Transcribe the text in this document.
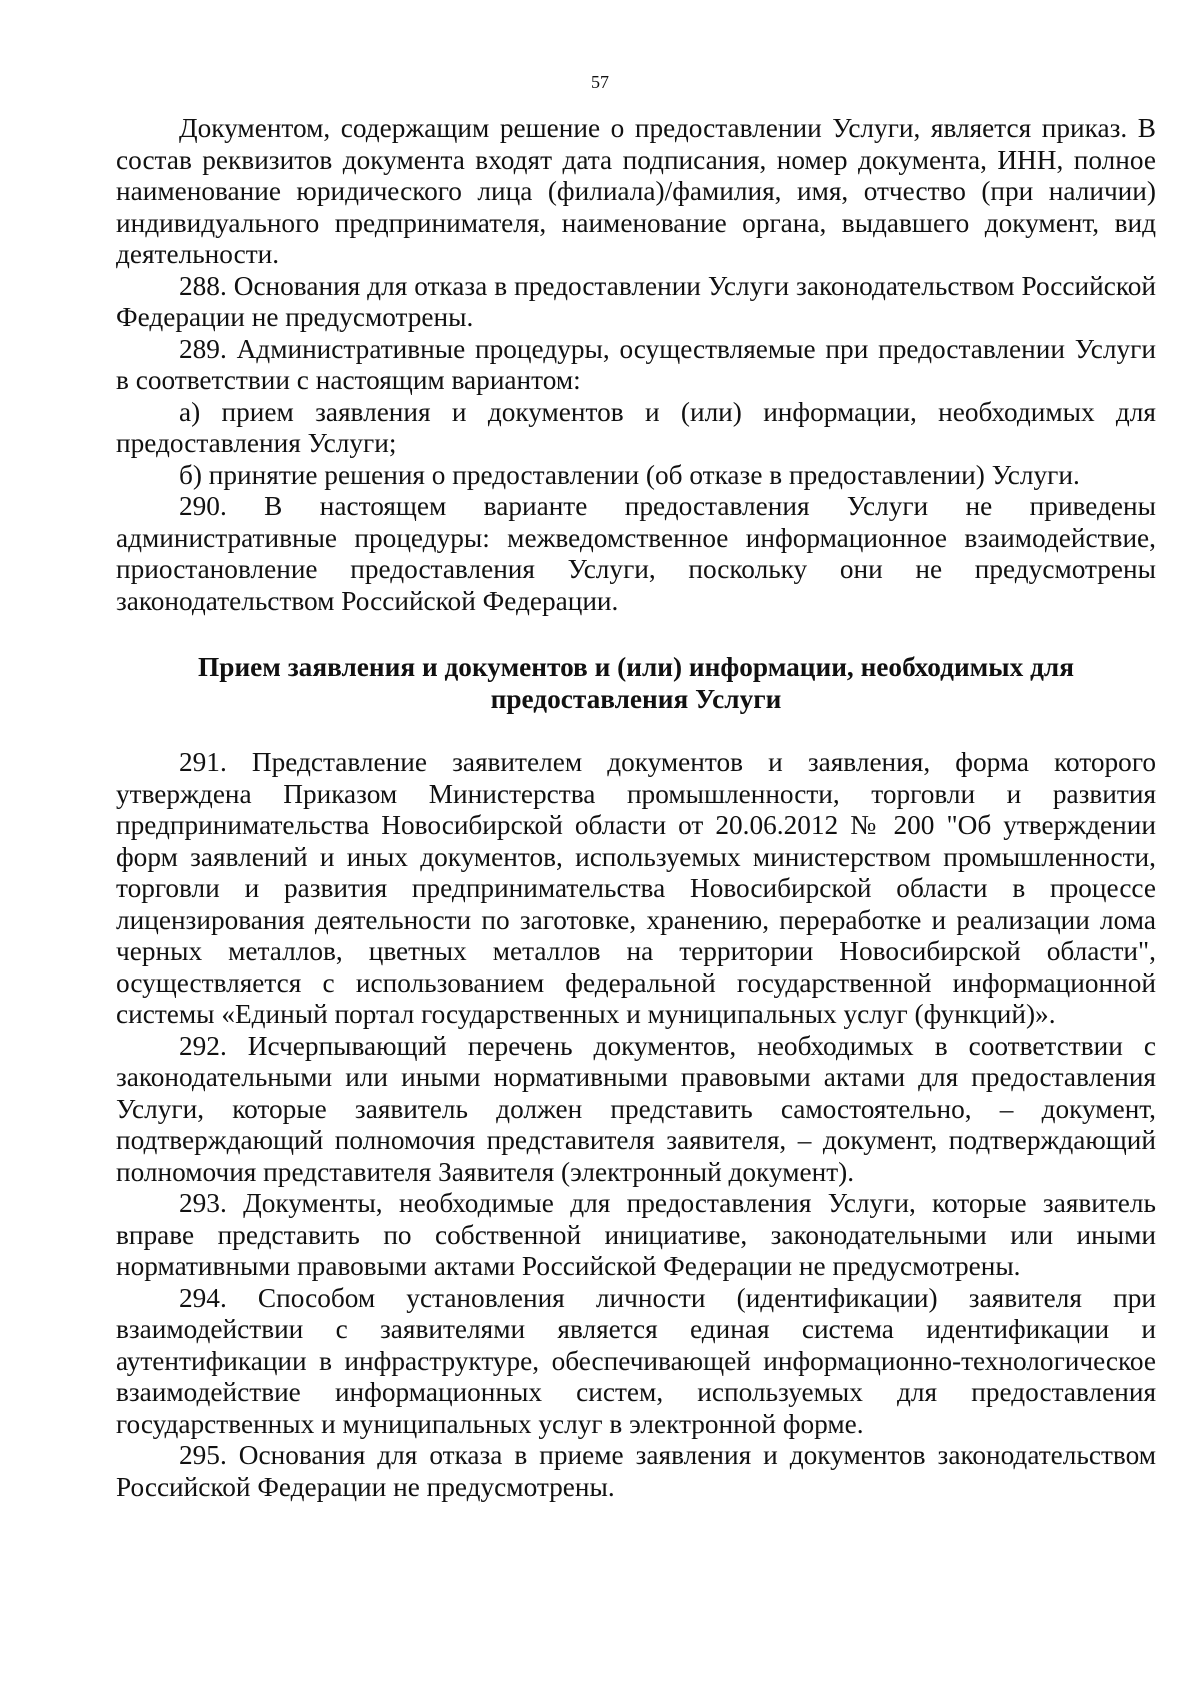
57

Документом, содержащим решение о предоставлении Услуги, является приказ. В состав реквизитов документа входят дата подписания, номер документа, ИНН, полное наименование юридического лица (филиала)/фамилия, имя, отчество (при наличии) индивидуального предпринимателя, наименование органа, выдавшего документ, вид деятельности.

288. Основания для отказа в предоставлении Услуги законодательством Российской Федерации не предусмотрены.

289. Административные процедуры, осуществляемые при предоставлении Услуги в соответствии с настоящим вариантом:

а) прием заявления и документов и (или) информации, необходимых для предоставления Услуги;

б) принятие решения о предоставлении (об отказе в предоставлении) Услуги.

290. В настоящем варианте предоставления Услуги не приведены административные процедуры: межведомственное информационное взаимодействие, приостановление предоставления Услуги, поскольку они не предусмотрены законодательством Российской Федерации.

Прием заявления и документов и (или) информации, необходимых для предоставления Услуги

291. Представление заявителем документов и заявления, форма которого утверждена Приказом Министерства промышленности, торговли и развития предпринимательства Новосибирской области от 20.06.2012 № 200 "Об утверждении форм заявлений и иных документов, используемых министерством промышленности, торговли и развития предпринимательства Новосибирской области в процессе лицензирования деятельности по заготовке, хранению, переработке и реализации лома черных металлов, цветных металлов на территории Новосибирской области", осуществляется с использованием федеральной государственной информационной системы «Единый портал государственных и муниципальных услуг (функций)».

292. Исчерпывающий перечень документов, необходимых в соответствии с законодательными или иными нормативными правовыми актами для предоставления Услуги, которые заявитель должен представить самостоятельно, – документ, подтверждающий полномочия представителя заявителя, – документ, подтверждающий полномочия представителя Заявителя (электронный документ).

293. Документы, необходимые для предоставления Услуги, которые заявитель вправе представить по собственной инициативе, законодательными или иными нормативными правовыми актами Российской Федерации не предусмотрены.

294. Способом установления личности (идентификации) заявителя при взаимодействии с заявителями является единая система идентификации и аутентификации в инфраструктуре, обеспечивающей информационно-технологическое взаимодействие информационных систем, используемых для предоставления государственных и муниципальных услуг в электронной форме.

295. Основания для отказа в приеме заявления и документов законодательством Российской Федерации не предусмотрены.
